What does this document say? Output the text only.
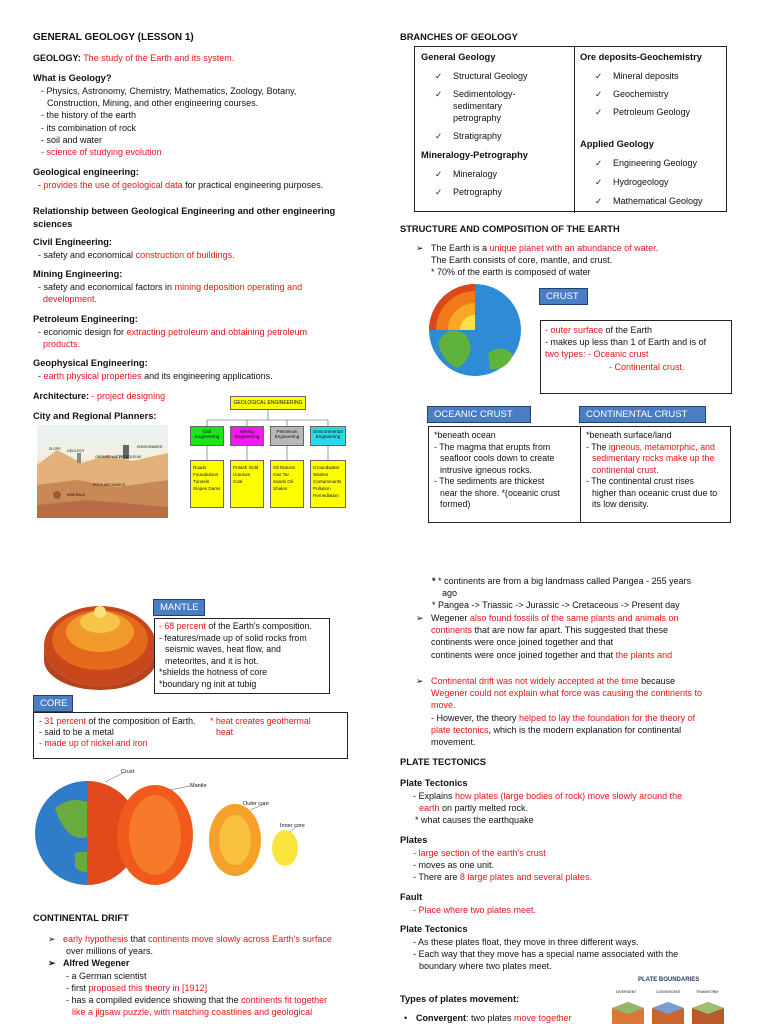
GENERAL GEOLOGY (LESSON 1)
GEOLOGY: The study of the Earth and its system.
What is Geology?
- Physics, Astronomy, Chemistry, Mathematics, Zoology, Botany,
Construction, Mining, and other engineering courses.
- the history of the earth
- its combination of rock
- soil and water
- science of studying evolution
Geological engineering:
- provides the use of geological data for practical engineering purposes.
Relationship between Geological Engineering and other engineering
sciences
Civil Engineering:
- safety and economical construction of buildings.
Mining Engineering:
- safety and economical factors in mining deposition operating and
development.
Petroleum Engineering:
- economic design for extracting petroleum and obtaining petroleum
products.
Geophysical Engineering:
- earth physical properties and its engineering applications.
Architecture: - project designing
City and Regional Planners:
SLOPE GEOLOGY
GROUND WATER
PETROLEUM
MINERALS
ENVIRONMENT
ROCK MECHANICS
GEOLOGICAL ENGINEERING
Civil Engineering
Mining Engineering
Petroleum Engineering
Environmental Engineering
Roads Foundations Tunnels Slopes Dams
Potash Gold Uranium Coal
Oil Natural Gas Tar Sands Oil Shales
Groundwater Wastes Contaminants Pollution Remediation
BRANCHES OF GEOLOGY
General Geology
✓ Structural Geology
✓ Sedimentology-
sedimentary
petrography
✓ Stratigraphy
Mineralogy-Petrography
✓ Mineralogy
✓ Petrography
Ore deposits-Geochemistry
✓ Mineral deposits
✓ Geochemistry
✓ Petroleum Geology
Applied Geology
✓ Engineering Geology
✓ Hydrogeology
✓ Mathematical Geology
STRUCTURE AND COMPOSITION OF THE EARTH
➢ The Earth is a unique planet with an abundance of water.
The Earth consists of core, mantle, and crust.
* 70% of the earth is composed of water
CRUST
- outer surface of the Earth
- makes up less than 1 of Earth and is of
two types: - Oceanic crust
- Continental crust.
OCEANIC CRUST	CONTINENTAL CRUST
*beneath ocean
- The magma that erupts from
seafloor cools down to create
intrusive igneous rocks.
- The sediments are thickest
near the shore. *(oceanic crust
formed)
*beneath surface/land
- The igneous, metamorphic, and
sedimentary rocks make up the
continental crust.
- The continental crust rises
higher than oceanic crust due to
its low density.
MANTLE
- 68 percent of the Earth's composition.
- features/made up of solid rocks from
seismic waves, heat flow, and
meteorites, and it is hot.
*shields the hotness of core
*boundary ng init at tubig
CORE
- 31 percent of the composition of Earth.
- said to be a metal
- made up of nickel and iron
* heat creates geothermal
heat
Crust
Mantle
Outer core
Inner core
CONTINENTAL DRIFT
➢ early hypothesis that continents move slowly across Earth's surface
over millions of years.
➢ Alfred Wegener
- a German scientist
- first proposed this theory in [1912]
- has a compiled evidence showing that the continents fit together
like a jigsaw puzzle, with matching coastlines and geological
* * continents are from a big landmass called Pangea - 255 years
ago
* Pangea -> Triassic -> Jurassic -> Cretaceous -> Present day
➢ Wegener also found fossils of the same plants and animals on
continents that are now far apart. This suggested that these
continents were once joined together and that
continents were once joined together and that the plants and
➢ Continental drift was not widely accepted at the time because
Wegener could not explain what force was causing the continents to
move.
- However, the theory helped to lay the foundation for the theory of
plate tectonics, which is the modern explanation for continental
movement.
PLATE TECTONICS
Plate Tectonics
- Explains how plates (large bodies of rock) move slowly around the
earth on partly melted rock.
* what causes the earthquake
Plates
- large section of the earth's crust
- moves as one unit.
- There are 8 large plates and several plates.
Fault
- Place where two plates meet.
Plate Tectonics
- As these plates float, they move in three different ways.
- Each way that they move has a special name associated with the
boundary where two plates meet.
Types of plates movement:
• Convergent: two plates move together
PLATE BOUNDARIES
DIVERGENT	CONVERGENT	TRANSFORM
